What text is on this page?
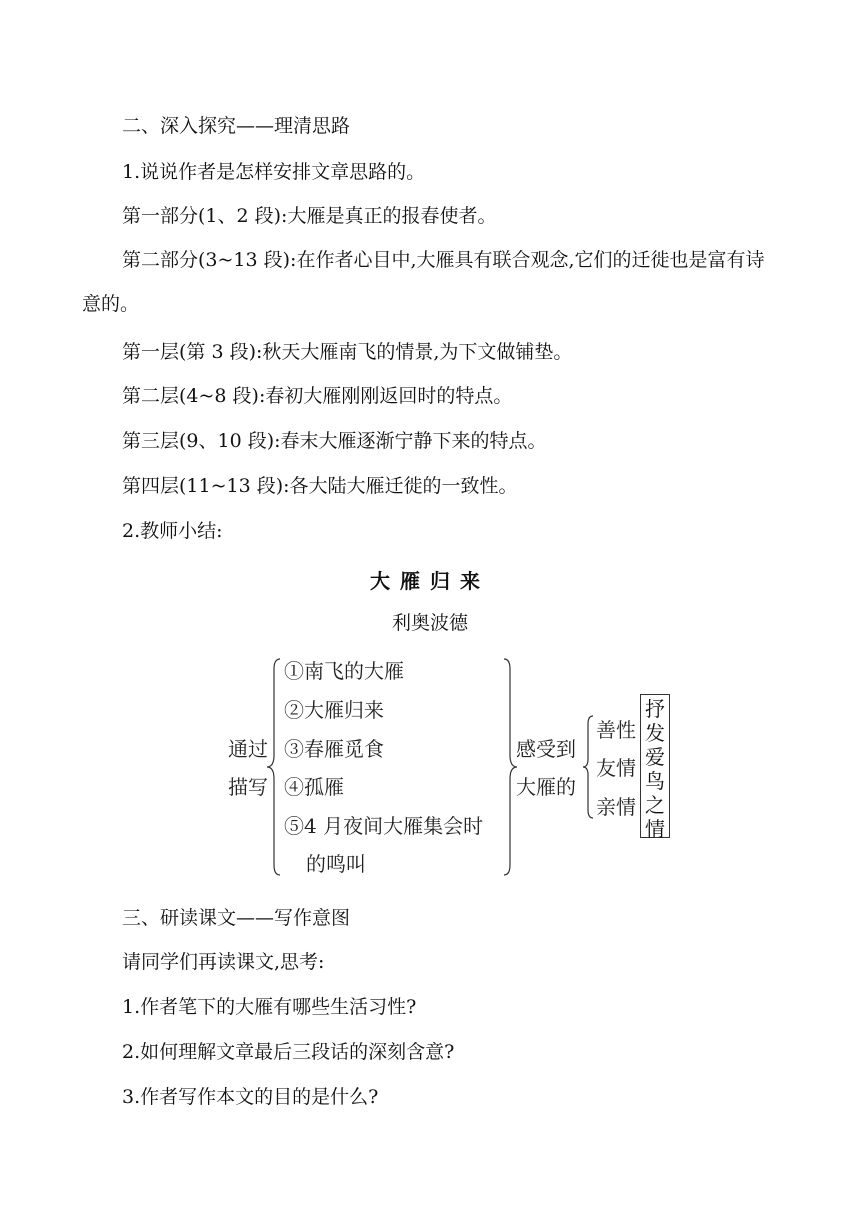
二、深入探究——理清思路
1.说说作者是怎样安排文章思路的。
第一部分(1、2 段):大雁是真正的报春使者。
第二部分(3~13 段):在作者心目中,大雁具有联合观念,它们的迁徙也是富有诗意的。
第一层(第 3 段):秋天大雁南飞的情景,为下文做铺垫。
第二层(4~8 段):春初大雁刚刚返回时的特点。
第三层(9、10 段):春末大雁逐渐宁静下来的特点。
第四层(11~13 段):各大陆大雁迁徙的一致性。
2.教师小结:
大雁归来
利奥波德
通过
描写
①南飞的大雁
②大雁归来
③春雁觅食
④孤雁
⑤4 月夜间大雁集会时
的鸣叫
感受到
大雁的
善性
友情
亲情
抒
发
爱
鸟
之
情
三、研读课文——写作意图
请同学们再读课文,思考:
1.作者笔下的大雁有哪些生活习性?
2.如何理解文章最后三段话的深刻含意?
3.作者写作本文的目的是什么?
